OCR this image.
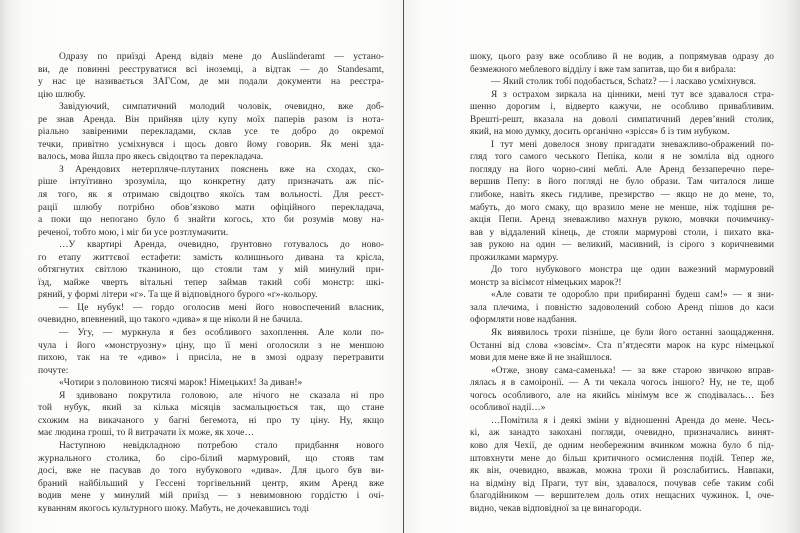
Одразу по приїзді Аренд відвіз мене до Ausländeramt — устано-
ви, де повинні реєструватися всі іноземці, а відтак — до Standesamt,
у нас це називається ЗАГСом, де ми подали документи на реєстра-
цію шлюбу.
Завідуючий, симпатичний молодий чоловік, очевидно, вже доб-
ре знав Аренда. Він прийняв цілу купу моїх паперів разом із нота-
ріально завіреними перекладами, склав усе те добро до окремої
течки, привітно усміхнувся і щось довго йому говорив. Як мені зда-
валось, мова йшла про якесь свідоцтво та перекладача.
З Арендових нетерпляче-плутаних пояснень вже на сходах, ско-
ріше інтуїтивно зрозуміла, що конкретну дату призначать аж піс-
ля того, як я отримаю свідоцтво якоїсь там вольності. Для реєст-
рації шлюбу потрібно обов’язково мати офіційного перекладача,
а поки що непогано було б знайти когось, хто би розумів мову на-
реченої, тобто мою, і міг би усе розтлумачити.
…У квартирі Аренда, очевидно, ґрунтовно готувалось до ново-
го етапу життєвої естафети: замість колишнього дивана та крісла,
обтягнутих світлою тканиною, що стояли там у мій минулий при-
їзд, майже чверть вітальні тепер займав такий собі монстр: шкі-
ряний, у формі літери «г». Та ще й відповідного бурого «г»-кольору.
— Це нубук! — гордо оголосив мені його новоспечений власник,
очевидно, впевнений, що такого «дива» я ще ніколи й не бачила.
— Угу, — муркнула я без особливого захоплення. Але коли по-
чула і його «монструозну» ціну, що її мені оголосили з не меншою
пихою, так на те «диво» і присіла, не в змозі одразу перетравити
почуте:
«Чотири з половиною тисячі марок! Німецьких! За диван!»
Я здивовано покрутила головою, але нічого не сказала ні про
той нубук, який за кілька місяців засмальцюється так, що стане
схожим на викачаного у багні бегемота, ні про ту ціну. Ну, якщо
має людина гроші, то й витрачати їх може, як хоче…
Наступною невідкладною потребою стало придбання нового
журнального столика, бо сіро-білий мармуровий, що стояв там
досі, вже не пасував до того нубукового «дива». Для цього був ви-
браний найбільший у Гессені торгівельний центр, яким Аренд вже
водив мене у минулий мій приїзд — з невимовною гордістю і очі-
куванням якогось культурного шоку. Мабуть, не дочекавшись тоді
шоку, цього разу вже особливо й не водив, а попрямував одразу до
безмежного меблевого відділу і вже там запитав, що би я вибрала:
— Який столик тобі подобається, Schatz? — і ласкаво усміхнувся.
Я з острахом зиркала на цінники, мені тут все здавалося стра-
шенно дорогим і, відверто кажучи, не особливо привабливим.
Врешті-решт, вказала на доволі симпатичний дерев’яний столик,
який, на мою думку, досить органічно «зрісся» б із тим нубуком.
І тут мені довелося знову пригадати зневажливо-ображений по-
гляд того самого чеського Пепіка, коли я не зомліла від одного
погляду на його чорно-сині меблі. Але Аренд беззаперечно пере-
вершив Пепу: в його погляді не було образи. Там читалося лише
глибоке, навіть якесь гидливе, презирство — якщо не до мене, то,
мабуть, до мого смаку, що вразило мене не менше, ніж тодішня ре-
акція Пепи. Аренд зневажливо махнув рукою, мовчки почимчику-
вав у віддалений кінець, де стояли мармурові столи, і пихато вка-
зав рукою на один — великий, масивний, із сірого з коричневими
прожилками мармуру.
До того нубукового монстра ще один важезний мармуровий
монстр за вісімсот німецьких марок?!
«Але совати те одоробло при прибиранні будеш сам!» — я зни-
зала плечима, і повністю задоволений собою Аренд пішов до каси
оформляти нове надбання.
Як виявилось трохи пізніше, це були його останні заощадження.
Останні від слова «зовсім». Ста п’ятдесяти марок на курс німецької
мови для мене вже й не знайшлося.
«Отже, знову сама-саменька! — за вже старою звичкою вправ-
лялась я в самоіронії. — А ти чекала чогось іншого? Ну, не те, щоб
чогось особливого, але на якийсь мінімум все ж сподівалась… Без
особливої надії…»
…Помітила я і деякі зміни у відношенні Аренда до мене. Чесь-
кі, аж занадто закохані погляди, очевидно, призначались винят-
ково для Чехії, де одним необережним вчинком можна було б під-
штовхнути мене до більш критичного осмислення подій. Тепер же,
як він, очевидно, вважав, можна трохи й розслабитись. Навпаки,
на відміну від Праги, тут він, здавалося, почував себе таким собі
благодійником — вершителем доль отих нещасних чужинок. І, оче-
видно, чекав відповідної за це винагороди.
